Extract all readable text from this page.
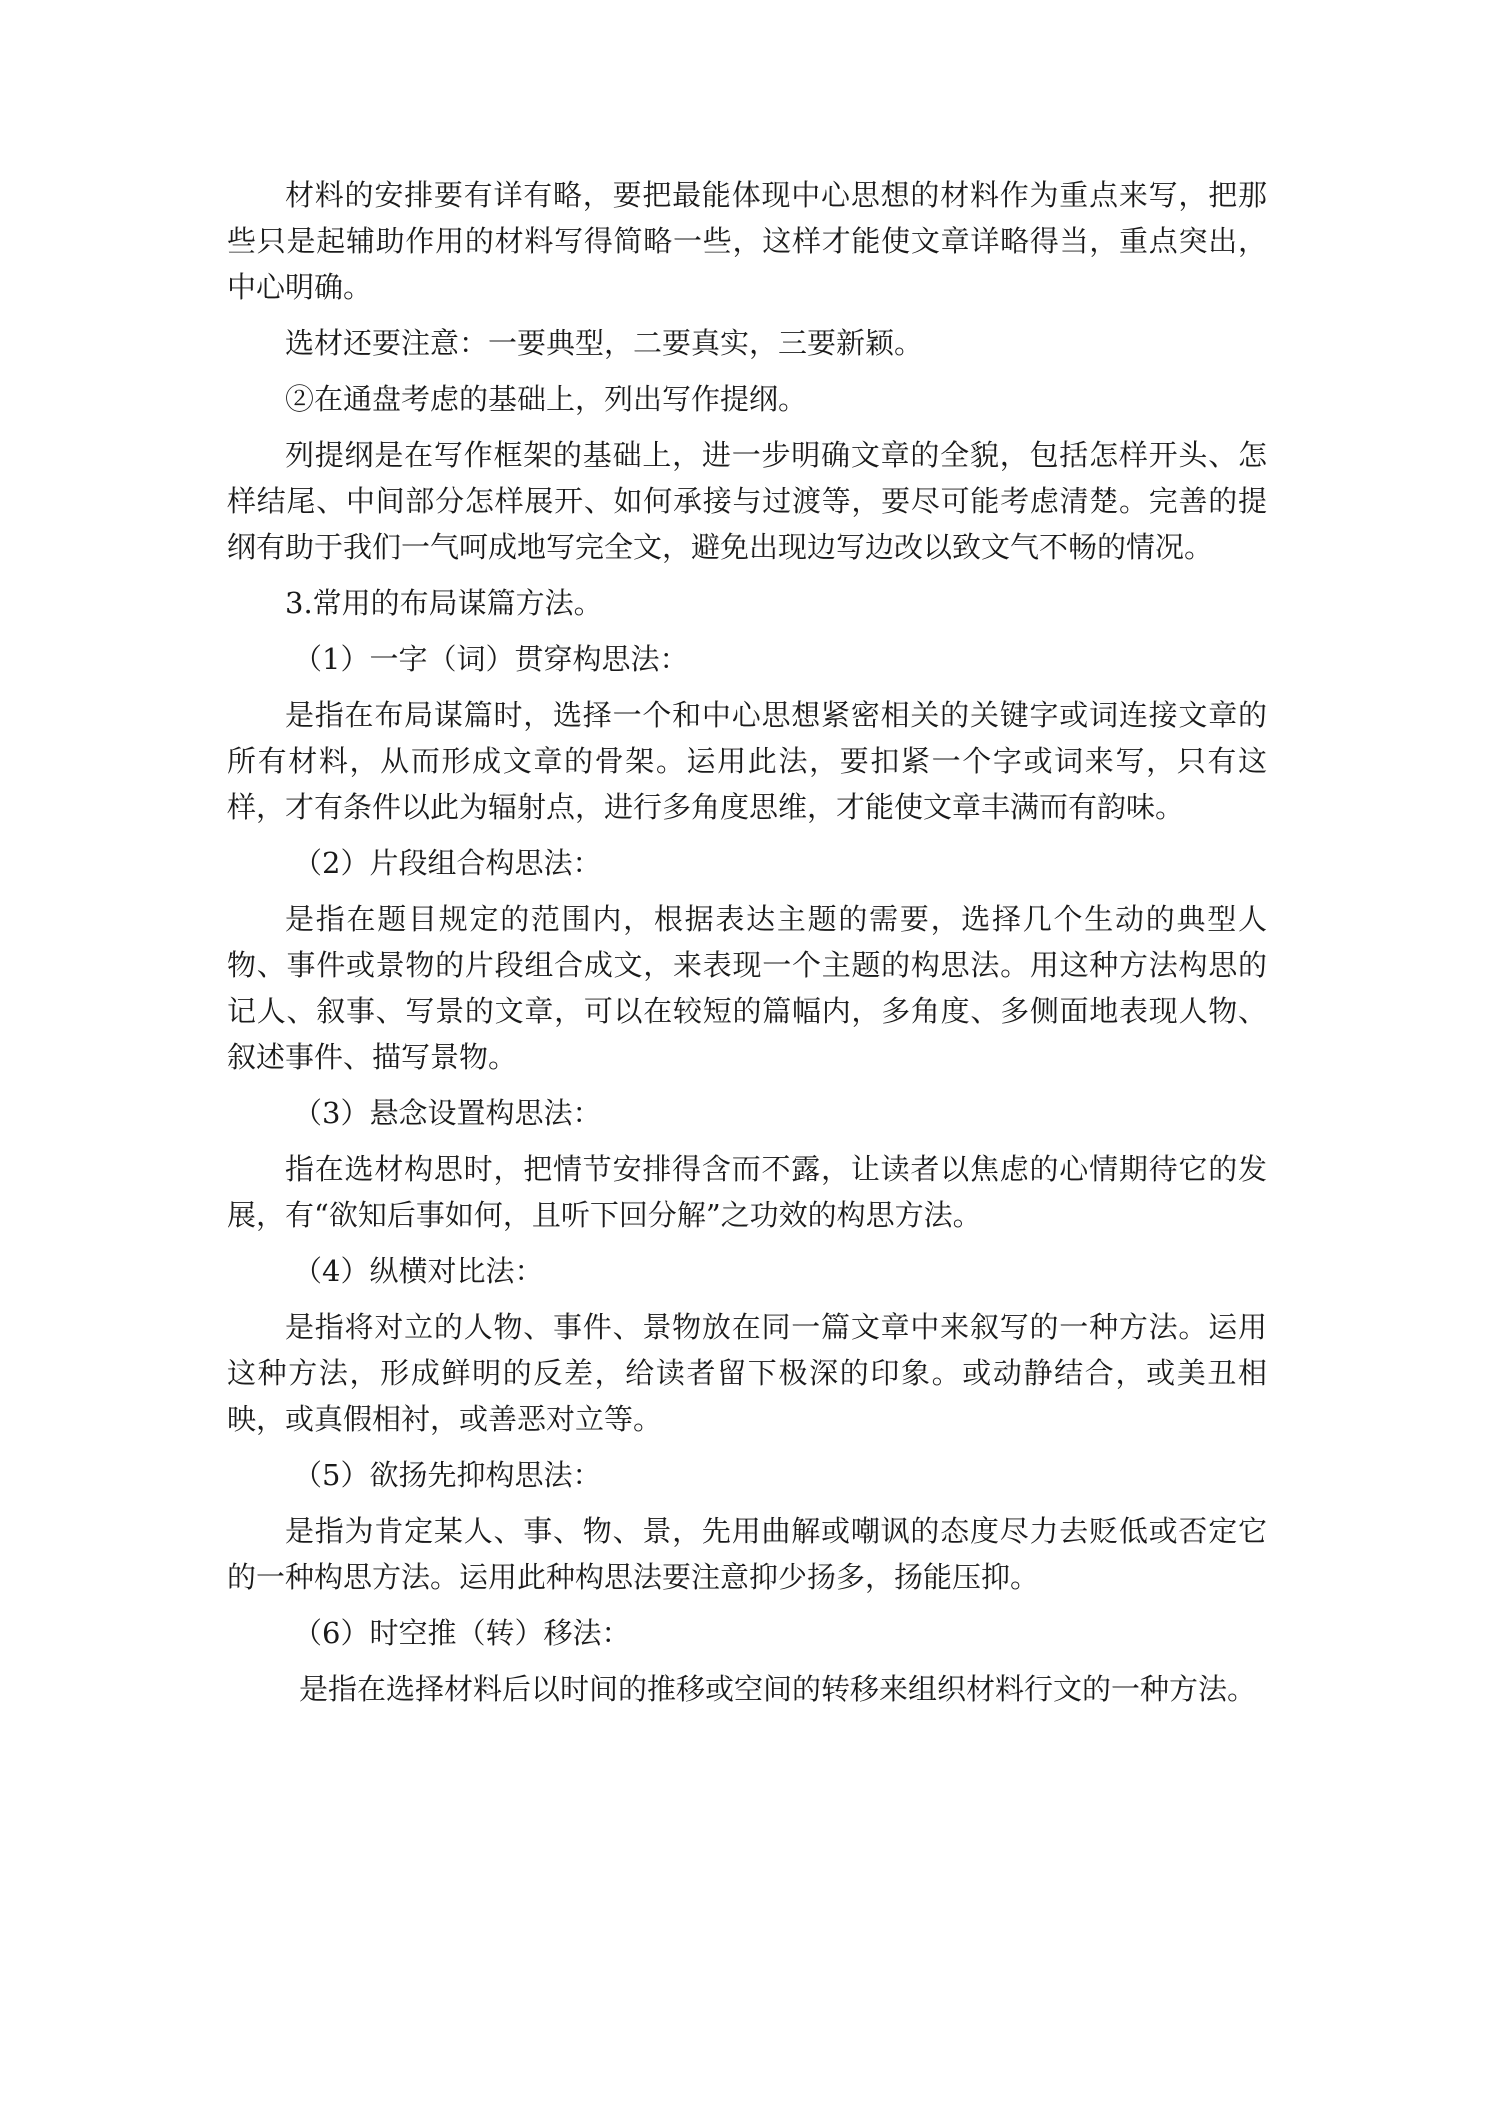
材料的安排要有详有略，要把最能体现中心思想的材料作为重点来写，把那些只是起辅助作用的材料写得简略一些，这样才能使文章详略得当，重点突出，中心明确。

选材还要注意：一要典型，二要真实，三要新颖。

②在通盘考虑的基础上，列出写作提纲。

列提纲是在写作框架的基础上，进一步明确文章的全貌，包括怎样开头、怎样结尾、中间部分怎样展开、如何承接与过渡等，要尽可能考虑清楚。完善的提纲有助于我们一气呵成地写完全文，避免出现边写边改以致文气不畅的情况。

3.常用的布局谋篇方法。

（1）一字（词）贯穿构思法：

是指在布局谋篇时，选择一个和中心思想紧密相关的关键字或词连接文章的所有材料，从而形成文章的骨架。运用此法，要扣紧一个字或词来写，只有这样，才有条件以此为辐射点，进行多角度思维，才能使文章丰满而有韵味。

（2）片段组合构思法：

是指在题目规定的范围内，根据表达主题的需要，选择几个生动的典型人物、事件或景物的片段组合成文，来表现一个主题的构思法。用这种方法构思的记人、叙事、写景的文章，可以在较短的篇幅内，多角度、多侧面地表现人物、叙述事件、描写景物。

（3）悬念设置构思法：

指在选材构思时，把情节安排得含而不露，让读者以焦虑的心情期待它的发展，有“欲知后事如何，且听下回分解”之功效的构思方法。

（4）纵横对比法：

是指将对立的人物、事件、景物放在同一篇文章中来叙写的一种方法。运用这种方法，形成鲜明的反差，给读者留下极深的印象。或动静结合，或美丑相映，或真假相衬，或善恶对立等。

（5）欲扬先抑构思法：

是指为肯定某人、事、物、景，先用曲解或嘲讽的态度尽力去贬低或否定它的一种构思方法。运用此种构思法要注意抑少扬多，扬能压抑。

（6）时空推（转）移法：

是指在选择材料后以时间的推移或空间的转移来组织材料行文的一种方法。
